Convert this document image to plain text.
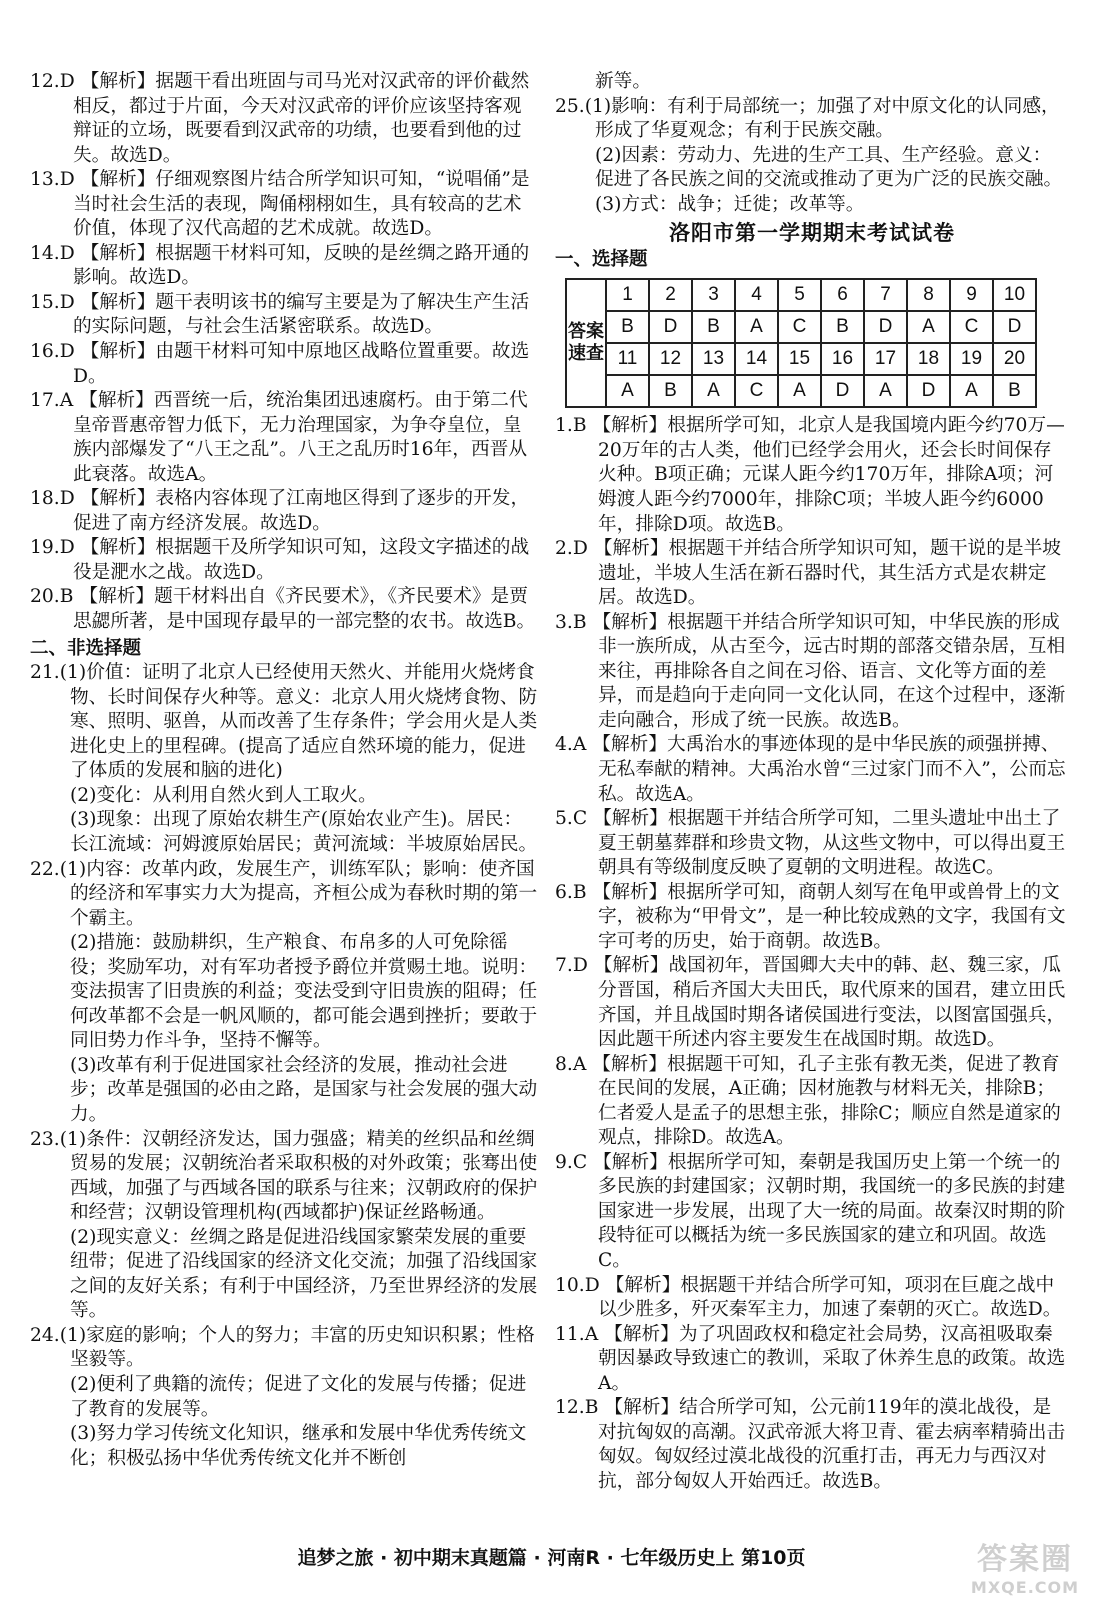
12.D 【解析】据题干看出班固与司马光对汉武帝的评价截然相反，都过于片面，今天对汉武帝的评价应该坚持客观辩证的立场，既要看到汉武帝的功绩，也要看到他的过失。故选D。

13.D 【解析】仔细观察图片结合所学知识可知，“说唱俑”是当时社会生活的表现，陶俑栩栩如生，具有较高的艺术价值，体现了汉代高超的艺术成就。故选D。

14.D 【解析】根据题干材料可知，反映的是丝绸之路开通的影响。故选D。

15.D 【解析】题干表明该书的编写主要是为了解决生产生活的实际问题，与社会生活紧密联系。故选D。

16.D 【解析】由题干材料可知中原地区战略位置重要。故选D。

17.A 【解析】西晋统一后，统治集团迅速腐朽。由于第二代皇帝晋惠帝智力低下，无力治理国家，为争夺皇位，皇族内部爆发了“八王之乱”。八王之乱历时16年，西晋从此衰落。故选A。

18.D 【解析】表格内容体现了江南地区得到了逐步的开发，促进了南方经济发展。故选D。

19.D 【解析】根据题干及所学知识可知，这段文字描述的战役是淝水之战。故选D。

20.B 【解析】题干材料出自《齐民要术》，《齐民要术》是贾思勰所著，是中国现存最早的一部完整的农书。故选B。

二、非选择题

21.(1)价值：证明了北京人已经使用天然火、并能用火烧烤食物、长时间保存火种等。意义：北京人用火烧烤食物、防寒、照明、驱兽，从而改善了生存条件；学会用火是人类进化史上的里程碑。(提高了适应自然环境的能力，促进了体质的发展和脑的进化)

(2)变化：从利用自然火到人工取火。

(3)现象：出现了原始农耕生产(原始农业产生)。居民：长江流域：河姆渡原始居民；黄河流域：半坡原始居民。

22.(1)内容：改革内政，发展生产，训练军队；影响：使齐国的经济和军事实力大为提高，齐桓公成为春秋时期的第一个霸主。

(2)措施：鼓励耕织，生产粮食、布帛多的人可免除徭役；奖励军功，对有军功者授予爵位并赏赐土地。说明：变法损害了旧贵族的利益；变法受到守旧贵族的阻碍；任何改革都不会是一帆风顺的，都可能会遇到挫折；要敢于同旧势力作斗争，坚持不懈等。

(3)改革有利于促进国家社会经济的发展，推动社会进步；改革是强国的必由之路，是国家与社会发展的强大动力。

23.(1)条件：汉朝经济发达，国力强盛；精美的丝织品和丝绸贸易的发展；汉朝统治者采取积极的对外政策；张骞出使西域，加强了与西域各国的联系与往来；汉朝政府的保护和经营；汉朝设管理机构(西域都护)保证丝路畅通。

(2)现实意义：丝绸之路是促进沿线国家繁荣发展的重要纽带；促进了沿线国家的经济文化交流；加强了沿线国家之间的友好关系；有利于中国经济，乃至世界经济的发展等。

24.(1)家庭的影响；个人的努力；丰富的历史知识积累；性格坚毅等。

(2)便利了典籍的流传；促进了文化的发展与传播；促进了教育的发展等。

(3)努力学习传统文化知识，继承和发展中华优秀传统文化；积极弘扬中华优秀传统文化并不断创

新等。

25.(1)影响：有利于局部统一；加强了对中原文化的认同感，形成了华夏观念；有利于民族交融。

(2)因素：劳动力、先进的生产工具、生产经验。意义：促进了各民族之间的交流或推动了更为广泛的民族交融。

(3)方式：战争；迁徙；改革等。

洛阳市第一学期期末考试试卷

一、选择题

答案速查	1	2	3	4	5	6	7	8	9	10
	B	D	B	A	C	B	D	A	C	D
	11	12	13	14	15	16	17	18	19	20
	A	B	A	C	A	D	A	D	A	B

1.B 【解析】根据所学可知，北京人是我国境内距今约70万—20万年的古人类，他们已经学会用火，还会长时间保存火种。B项正确；元谋人距今约170万年，排除A项；河姆渡人距今约7000年，排除C项；半坡人距今约6000年，排除D项。故选B。

2.D 【解析】根据题干并结合所学知识可知，题干说的是半坡遗址，半坡人生活在新石器时代，其生活方式是农耕定居。故选D。

3.B 【解析】根据题干并结合所学知识可知，中华民族的形成非一族所成，从古至今，远古时期的部落交错杂居，互相来往，再排除各自之间在习俗、语言、文化等方面的差异，而是趋向于走向同一文化认同，在这个过程中，逐渐走向融合，形成了统一民族。故选B。

4.A 【解析】大禹治水的事迹体现的是中华民族的顽强拼搏、无私奉献的精神。大禹治水曾“三过家门而不入”，公而忘私。故选A。

5.C 【解析】根据题干并结合所学可知，二里头遗址中出土了夏王朝墓葬群和珍贵文物，从这些文物中，可以得出夏王朝具有等级制度反映了夏朝的文明进程。故选C。

6.B 【解析】根据所学可知，商朝人刻写在龟甲或兽骨上的文字，被称为“甲骨文”，是一种比较成熟的文字，我国有文字可考的历史，始于商朝。故选B。

7.D 【解析】战国初年，晋国卿大夫中的韩、赵、魏三家，瓜分晋国，稍后齐国大夫田氏，取代原来的国君，建立田氏齐国，并且战国时期各诸侯国进行变法，以图富国强兵，因此题干所述内容主要发生在战国时期。故选D。

8.A 【解析】根据题干可知，孔子主张有教无类，促进了教育在民间的发展，A正确；因材施教与材料无关，排除B；仁者爱人是孟子的思想主张，排除C；顺应自然是道家的观点，排除D。故选A。

9.C 【解析】根据所学可知，秦朝是我国历史上第一个统一的多民族的封建国家；汉朝时期，我国统一的多民族的封建国家进一步发展，出现了大一统的局面。故秦汉时期的阶段特征可以概括为统一多民族国家的建立和巩固。故选C。

10.D 【解析】根据题干并结合所学可知，项羽在巨鹿之战中以少胜多，歼灭秦军主力，加速了秦朝的灭亡。故选D。

11.A 【解析】为了巩固政权和稳定社会局势，汉高祖吸取秦朝因暴政导致速亡的教训，采取了休养生息的政策。故选A。

12.B 【解析】结合所学可知，公元前119年的漠北战役，是对抗匈奴的高潮。汉武帝派大将卫青、霍去病率精骑出击匈奴。匈奴经过漠北战役的沉重打击，再无力与西汉对抗，部分匈奴人开始西迁。故选B。

追梦之旅 · 初中期末真题篇 · 河南R · 七年级历史上 第10页	答案圈
MXQE.COM
